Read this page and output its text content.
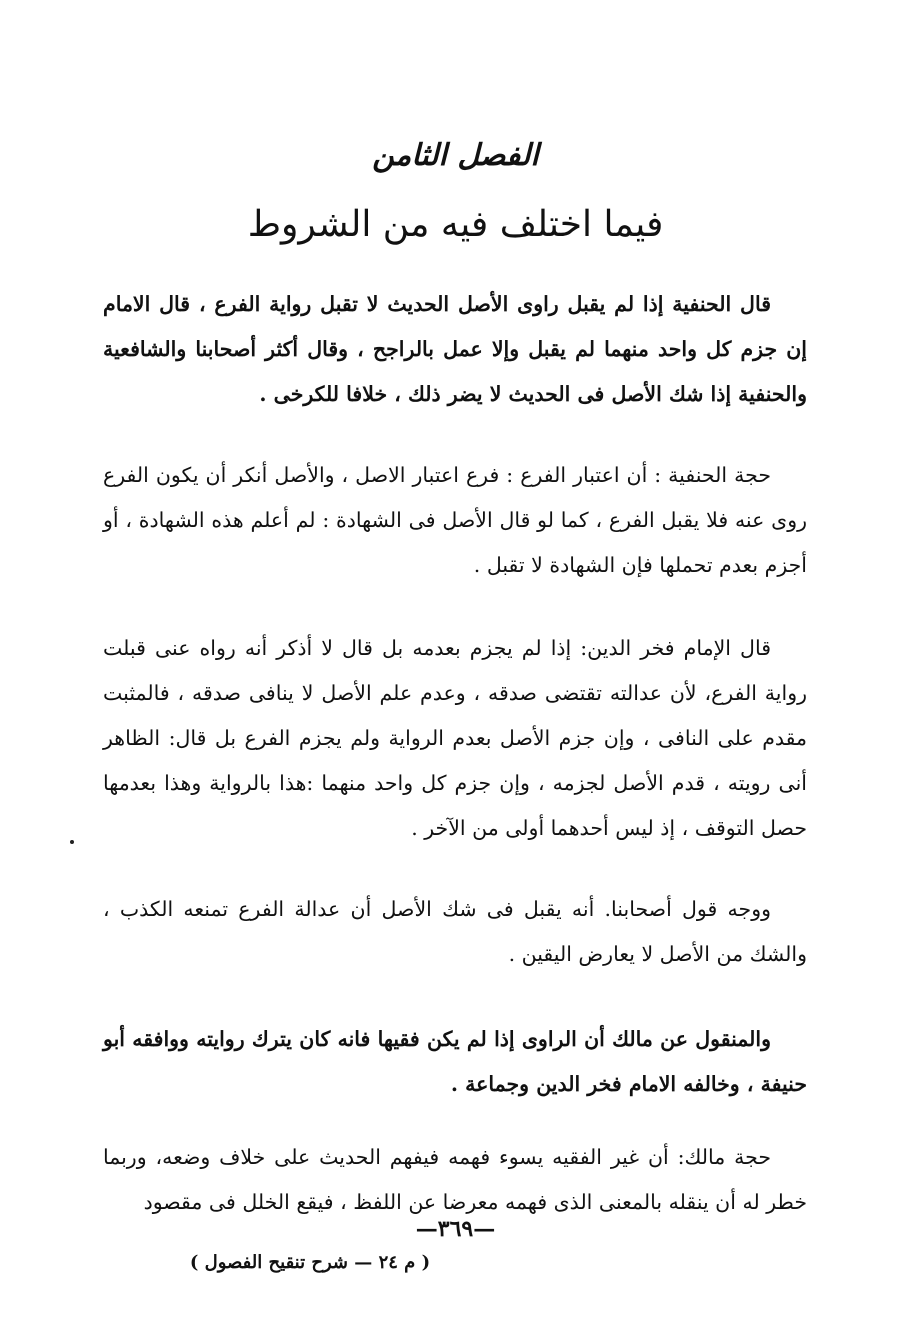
الفصل الثامن
فيما اختلف فيه من الشروط

قال الحنفية إذا لم يقبل راوى الأصل الحديث لا تقبل رواية الفرع ، قال الامام إن جزم كل واحد منهما لم يقبل وإلا عمل بالراجح ، وقال أكثر أصحابنا والشافعية والحنفية إذا شك الأصل فى الحديث لا يضر ذلك ، خلافا للكرخى .

حجة الحنفية : أن اعتبار الفرع : فرع اعتبار الاصل ، والأصل أنكر أن يكون الفرع روى عنه فلا يقبل الفرع ، كما لو قال الأصل فى الشهادة : لم أعلم هذه الشهادة ، أو أجزم بعدم تحملها فإن الشهادة لا تقبل .

قال الإمام فخر الدين: إذا لم يجزم بعدمه بل قال لا أذكر أنه رواه عنى قبلت رواية الفرع، لأن عدالته تقتضى صدقه ، وعدم علم الأصل لا ينافى صدقه ، فالمثبت مقدم على النافى ، وإن جزم الأصل بعدم الرواية ولم يجزم الفرع بل قال: الظاهر أنى رويته ، قدم الأصل لجزمه ، وإن جزم كل واحد منهما :هذا بالرواية وهذا بعدمها حصل التوقف ، إذ ليس أحدهما أولى من الآخر .

ووجه قول أصحابنا. أنه يقبل فى شك الأصل أن عدالة الفرع تمنعه الكذب ، والشك من الأصل لا يعارض اليقين .

والمنقول عن مالك أن الراوى إذا لم يكن فقيها فانه كان يترك روايته ووافقه أبو حنيفة ، وخالفه الامام فخر الدين وجماعة .

حجة مالك: أن غير الفقيه يسوء فهمه فيفهم الحديث على خلاف وضعه، وربما خطر له أن ينقله بالمعنى الذى فهمه معرضا عن اللفظ ، فيقع الخلل فى مقصود

—٣٦٩—
( م ٢٤ — شرح تنقيح الفصول )
